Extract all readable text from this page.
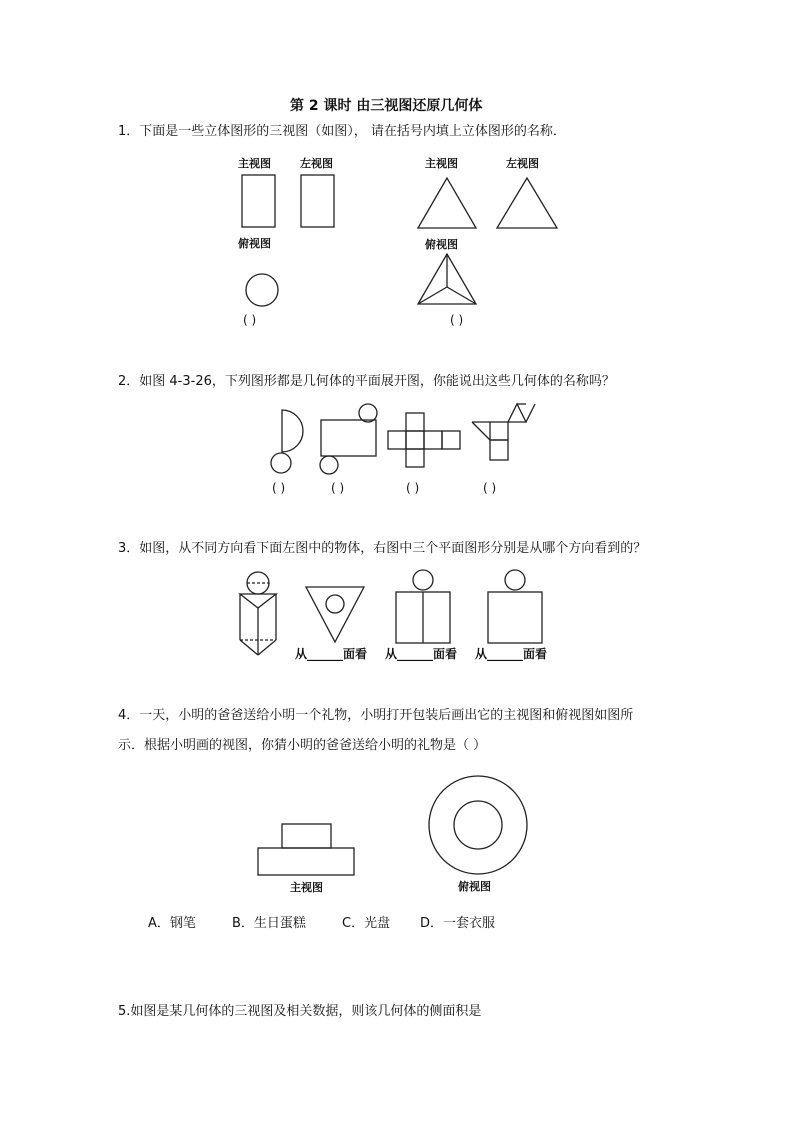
第 2 课时 由三视图还原几何体
1．下面是一些立体图形的三视图（如图）， 请在括号内填上立体图形的名称．
主视图	左视图	主视图	左视图
俯视图	俯视图
( )	( )
2．如图 4-3-26，下列图形都是几何体的平面展开图，你能说出这些几何体的名称吗？
( )	( )	( )	( )
3．如图，从不同方向看下面左图中的物体，右图中三个平面图形分别是从哪个方向看到的？
从______面看 从______面看 从______面看
4．一天，小明的爸爸送给小明一个礼物，小明打开包装后画出它的主视图和俯视图如图所
示．根据小明画的视图，你猜小明的爸爸送给小明的礼物是（ ）
主视图	俯视图
A．钢笔	B．生日蛋糕	C．光盘 D．一套衣服
5.如图是某几何体的三视图及相关数据，则该几何体的侧面积是
